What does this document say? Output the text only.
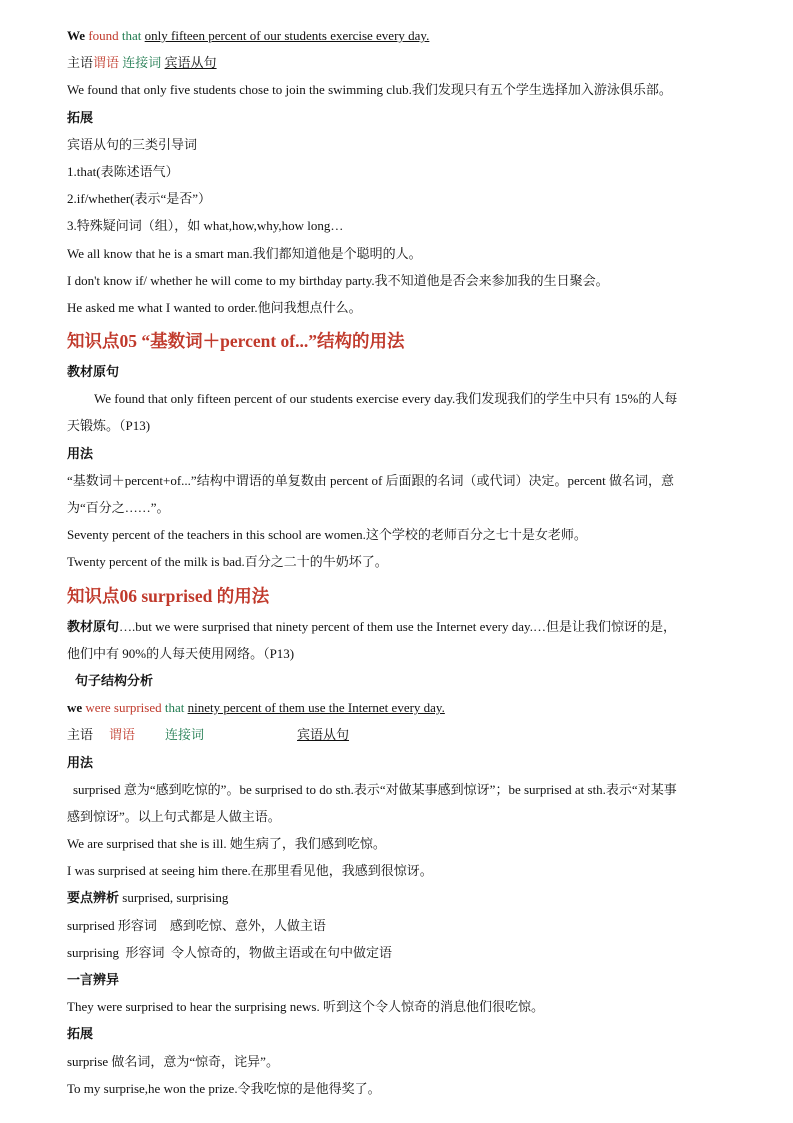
We found that only fifteen percent of our students exercise every day.
主语谓语 连接词 宾语从句
We found that only five students chose to join the swimming club.我们发现只有五个学生选择加入游泳俱乐部。
拓展
宾语从句的三类引导词
1.that(表陈述语气）
2.if/whether(表示“是否”）
3.特殊疑问词（组），如 what,how,why,how long…
We all know that he is a smart man.我们都知道他是个聪明的人。
I don't know if/ whether he will come to my birthday party.我不知道他是否会来参加我的生日聚会。
He asked me what I wanted to order.他问我想点什么。
知识点05 “基数词＋percent of...”结构的用法
教材原句
We found that only fifteen percent of our students exercise every day.我们发现我们的学生中只有 15%的人每
天锻炼。（P13)
用法
“基数词＋percent+of...”结构中谓语的单复数由 percent of 后面跟的名词（或代词）决定。percent 做名词，意
为“百分之……”。
Seventy percent of the teachers in this school are women.这个学校的老师百分之七十是女老师。
Twenty percent of the milk is bad.百分之二十的牛奶坏了。
知识点06 surprised 的用法
教材原句….but we were surprised that ninety percent of them use the Internet every day.…但是让我们惊讶的是，
他们中有 90%的人每天使用网络。（P13)
句子结构分析
we were surprised that ninety percent of them use the Internet every day.
主语 谓语 连接词	宾语从句
用法
surprised 意为“感到吃惊的”。be surprised to do sth.表示“对做某事感到惊讶”；be surprised at sth.表示“对某事
感到惊讶”。以上句式都是人做主语。
We are surprised that she is ill. 她生病了，我们感到吃惊。
I was surprised at seeing him there.在那里看见他，我感到很惊讶。
要点辨析 surprised, surprising
surprised 形容词    感到吃惊、意外，人做主语
surprising  形容词  令人惊奇的，物做主语或在句中做定语
一言辨异
They were surprised to hear the surprising news. 听到这个令人惊奇的消息他们很吃惊。
拓展
surprise 做名词，意为“惊奇，诧异”。
To my surprise,he won the prize.令我吃惊的是他得奖了。
